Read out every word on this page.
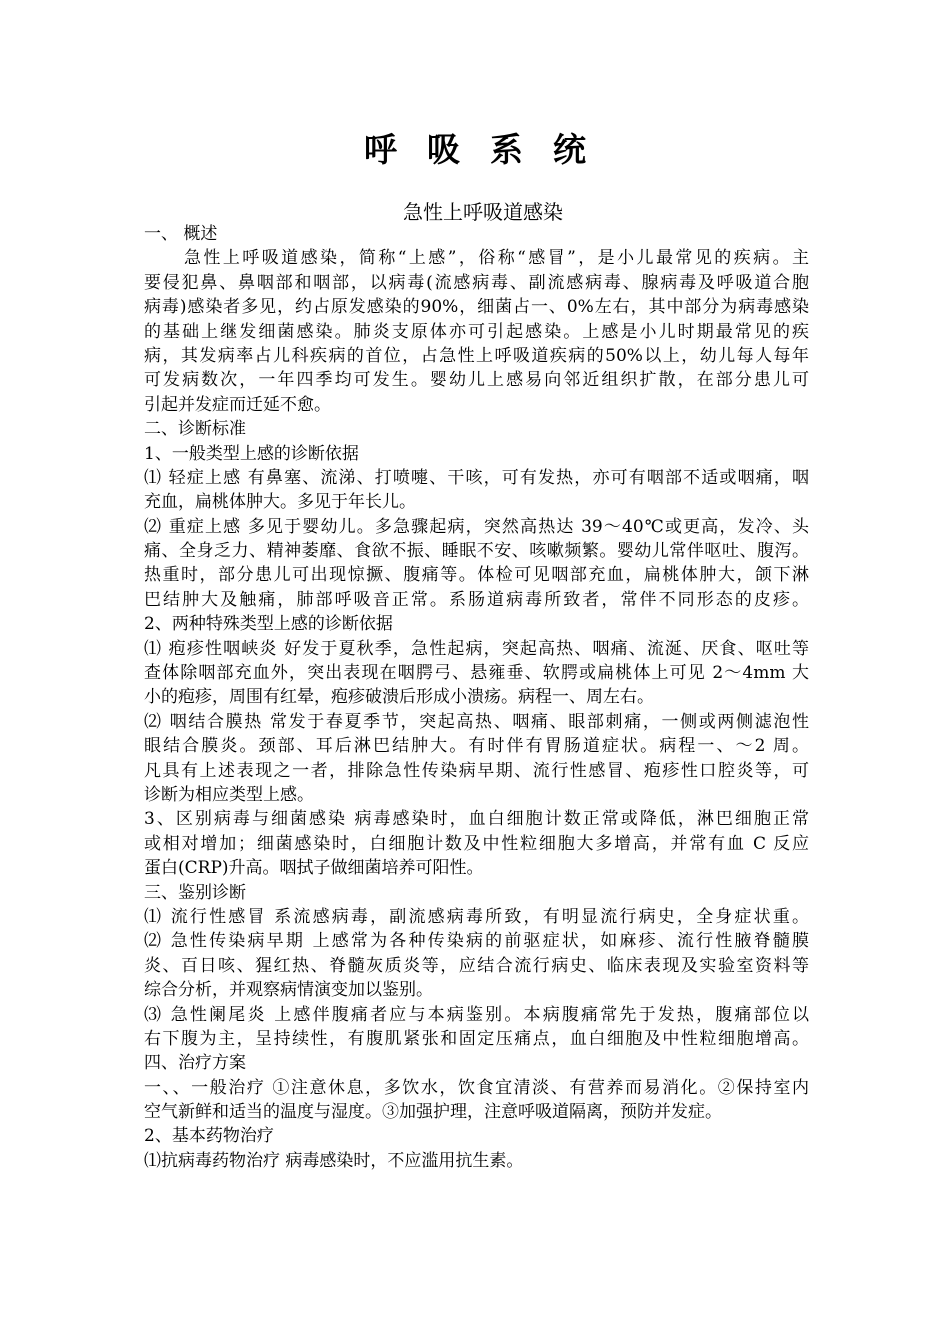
呼吸系统
急性上呼吸道感染
一、 概述
急性上呼吸道感染，简称“上感”，俗称“感冒”，是小儿最常见的疾病。主
要侵犯鼻、鼻咽部和咽部，以病毒(流感病毒、副流感病毒、腺病毒及呼吸道合胞
病毒)感染者多见，约占原发感染的90%，细菌占一、0%左右，其中部分为病毒感染
的基础上继发细菌感染。肺炎支原体亦可引起感染。上感是小儿时期最常见的疾
病，其发病率占儿科疾病的首位，占急性上呼吸道疾病的50%以上，幼儿每人每年
可发病数次，一年四季均可发生。婴幼儿上感易向邻近组织扩散，在部分患儿可
引起并发症而迁延不愈。
二、诊断标准
1、一般类型上感的诊断依据
⑴ 轻症上感 有鼻塞、流涕、打喷嚏、干咳，可有发热，亦可有咽部不适或咽痛，咽
充血，扁桃体肿大。多见于年长儿。
⑵ 重症上感 多见于婴幼儿。多急骤起病，突然高热达 39～40℃或更高，发冷、头
痛、全身乏力、精神萎靡、食欲不振、睡眠不安、咳嗽频繁。婴幼儿常伴呕吐、腹泻。
热重时，部分患儿可出现惊撅、腹痛等。体检可见咽部充血，扁桃体肿大，颌下淋
巴结肿大及触痛，肺部呼吸音正常。系肠道病毒所致者，常伴不同形态的皮疹。
2、两种特殊类型上感的诊断依据
⑴ 疱疹性咽峡炎 好发于夏秋季，急性起病，突起高热、咽痛、流涎、厌食、呕吐等
查体除咽部充血外，突出表现在咽腭弓、悬雍垂、软腭或扁桃体上可见 2～4mm 大
小的疱疹，周围有红晕，疱疹破溃后形成小溃疡。病程一、周左右。
⑵ 咽结合膜热 常发于春夏季节，突起高热、咽痛、眼部刺痛，一侧或两侧滤泡性
眼结合膜炎。颈部、耳后淋巴结肿大。有时伴有胃肠道症状。病程一、～2 周。
凡具有上述表现之一者，排除急性传染病早期、流行性感冒、疱疹性口腔炎等，可
诊断为相应类型上感。
3、区别病毒与细菌感染 病毒感染时，血白细胞计数正常或降低，淋巴细胞正常
或相对增加；细菌感染时，白细胞计数及中性粒细胞大多增高，并常有血 C 反应
蛋白(CRP)升高。咽拭子做细菌培养可阳性。
三、鉴别诊断
⑴ 流行性感冒 系流感病毒，副流感病毒所致，有明显流行病史，全身症状重。
⑵ 急性传染病早期 上感常为各种传染病的前驱症状，如麻疹、流行性腋脊髓膜
炎、百日咳、猩红热、脊髓灰质炎等，应结合流行病史、临床表现及实验室资料等
综合分析，并观察病情演变加以鉴别。
⑶ 急性阑尾炎 上感伴腹痛者应与本病鉴别。本病腹痛常先于发热，腹痛部位以
右下腹为主，呈持续性，有腹肌紧张和固定压痛点，血白细胞及中性粒细胞增高。
四、治疗方案
一、、一般治疗 ①注意休息，多饮水，饮食宜清淡、有营养而易消化。②保持室内
空气新鲜和适当的温度与湿度。③加强护理，注意呼吸道隔离，预防并发症。
2、基本药物治疗
⑴抗病毒药物治疗 病毒感染时，不应滥用抗生素。
